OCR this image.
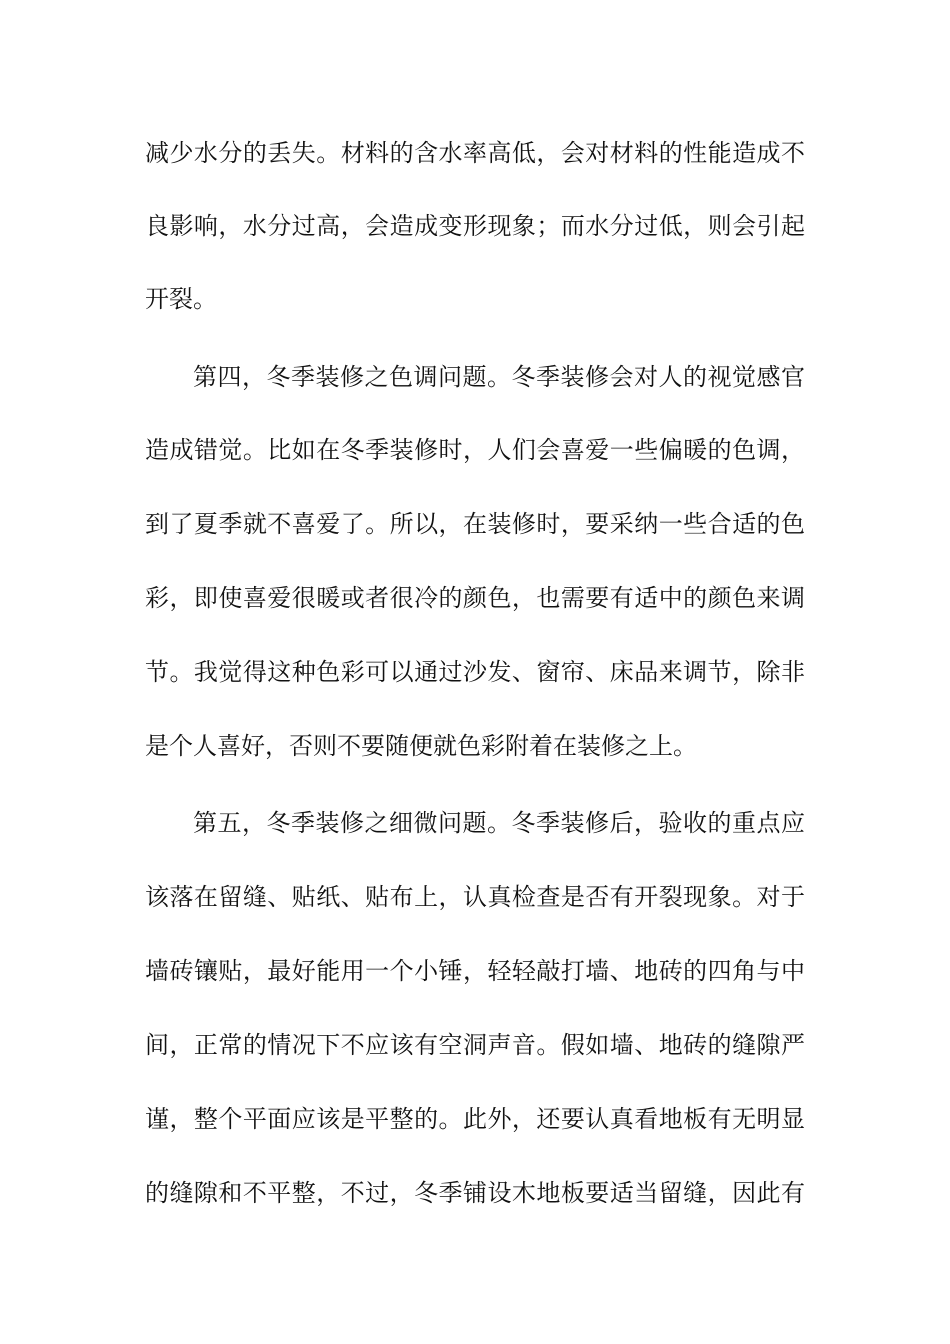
减少水分的丢失。材料的含水率高低，会对材料的性能造成不
良影响，水分过高，会造成变形现象；而水分过低，则会引起
开裂。
第四，冬季装修之色调问题。冬季装修会对人的视觉感官
造成错觉。比如在冬季装修时，人们会喜爱一些偏暖的色调，
到了夏季就不喜爱了。所以，在装修时，要采纳一些合适的色
彩，即使喜爱很暖或者很冷的颜色，也需要有适中的颜色来调
节。我觉得这种色彩可以通过沙发、窗帘、床品来调节，除非
是个人喜好，否则不要随便就色彩附着在装修之上。
第五，冬季装修之细微问题。冬季装修后，验收的重点应
该落在留缝、贴纸、贴布上，认真检查是否有开裂现象。对于
墙砖镶贴，最好能用一个小锤，轻轻敲打墙、地砖的四角与中
间，正常的情况下不应该有空洞声音。假如墙、地砖的缝隙严
谨，整个平面应该是平整的。此外，还要认真看地板有无明显
的缝隙和不平整，不过，冬季铺设木地板要适当留缝，因此有
